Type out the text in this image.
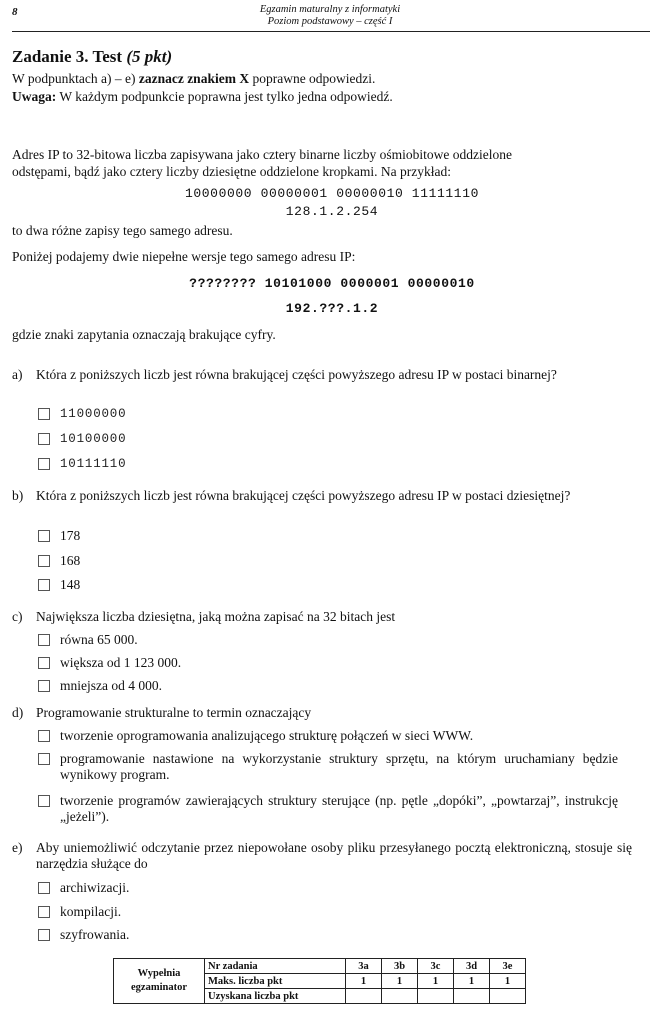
8	Egzamin maturalny z informatyki
Poziom podstawowy – część I
Zadanie 3. Test (5 pkt)
W podpunktach a) – e) zaznacz znakiem X poprawne odpowiedzi.
Uwaga: W każdym podpunkcie poprawna jest tylko jedna odpowiedź.
Adres IP to 32-bitowa liczba zapisywana jako cztery binarne liczby ośmiobitowe oddzielone
odstępami, bądź jako cztery liczby dziesiętne oddzielone kropkami. Na przykład:
10000000 00000001 00000010 11111110
128.1.2.254
to dwa różne zapisy tego samego adresu.
Poniżej podajemy dwie niepełne wersje tego samego adresu IP:
???????? 10101000 0000001 00000010
192.???.1.2
gdzie znaki zapytania oznaczają brakujące cyfry.
a) Która z poniższych liczb jest równa brakującej części powyższego adresu IP w postaci binarnej?
11000000
10100000
10111110
b) Która z poniższych liczb jest równa brakującej części powyższego adresu IP w postaci dziesiętnej?
178
168
148
c) Największa liczba dziesiętna, jaką można zapisać na 32 bitach jest
równa 65 000.
większa od 1 123 000.
mniejsza od 4 000.
d) Programowanie strukturalne to termin oznaczający
tworzenie oprogramowania analizującego strukturę połączeń w sieci WWW.
programowanie nastawione na wykorzystanie struktury sprzętu, na którym uruchamiany będzie wynikowy program.
tworzenie programów zawierających struktury sterujące (np. pętle „dopóki”, „powtarzaj”, instrukcję „jeżeli”).
e) Aby uniemożliwić odczytanie przez niepowołane osoby pliku przesyłanego pocztą elektroniczną, stosuje się narzędzia służące do
archiwizacji.
kompilacji.
szyfrowania.
Wypełnia
egzaminator	Nr zadania	3a	3b	3c	3d	3e
	Maks. liczba pkt	1	1	1	1	1
	Uzyskana liczba pkt					
